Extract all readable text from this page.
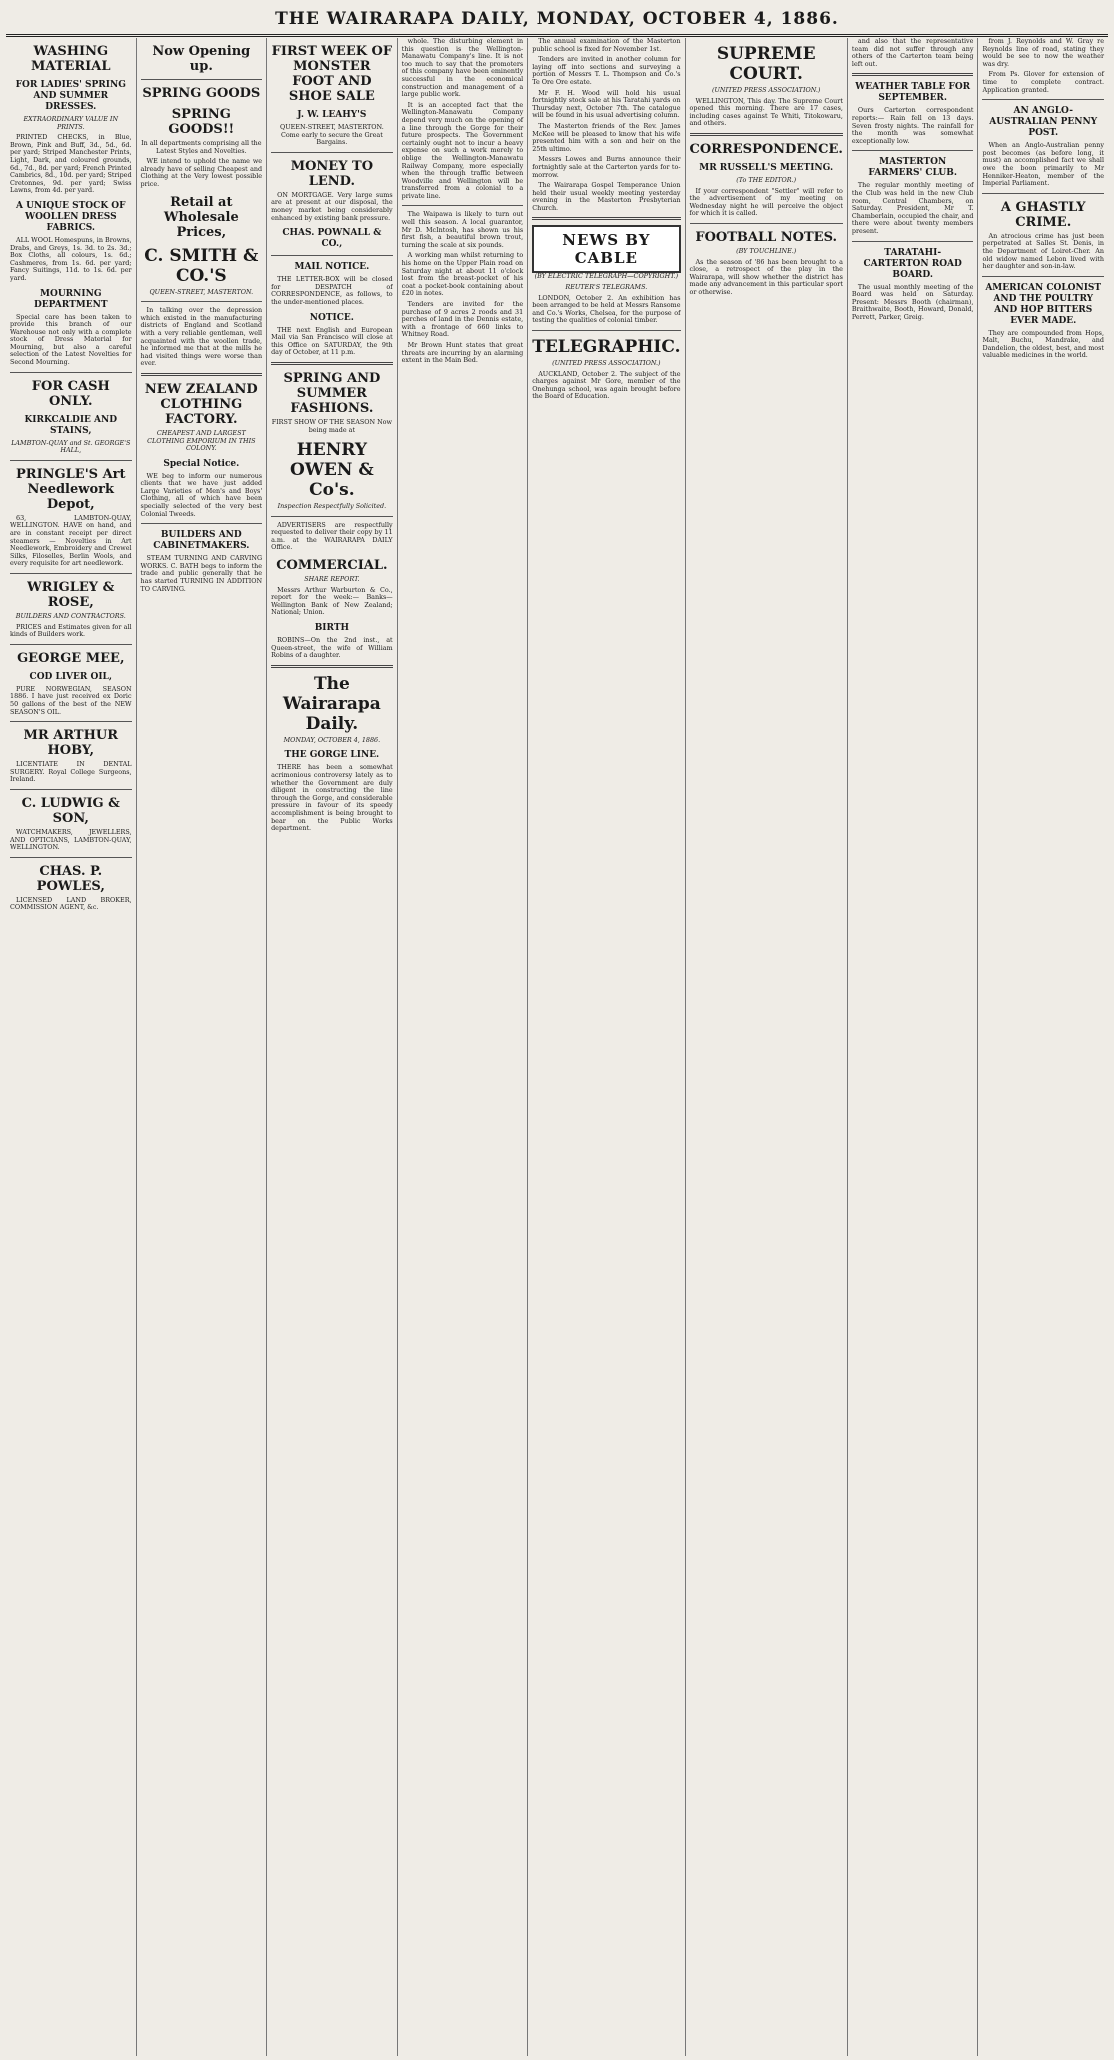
THE WAIRARAPA DAILY, MONDAY, OCTOBER 4, 1886.
WASHING MATERIAL
FOR LADIES' SPRING AND SUMMER DRESSES.
EXTRAORDINARY VALUE IN PRINTS.

PRINTED CHECKS, in Blue, Brown, Pink and Buff, 3d., 5d., 6d. per yard; Striped Manchester Prints, Light, Dark, and coloured grounds, 6d., 7d., 8d. per yard; French Printed Cambrics, 8d., 10d. per yard; Striped Cretonnes, 9d. per yard; Swiss Lawns, from 4d. per yard.

A UNIQUE STOCK OF WOOLLEN DRESS FABRICS.

ALL WOOL Homespuns, in Browns, Drabs, and Greys, 1s. 3d. to 2s. 3d.; Box Cloths, all colours, 1s. 6d.; Cashmeres, from 1s. 6d. per yard; Fancy Suitings, 11d. to 1s. 6d. per yard.

MOURNING DEPARTMENT

Special care has been taken to provide this branch of our Warehouse not only with a complete stock of Dress Material for Mourning, but also a careful selection of the Latest Novelties for Second Mourning.

FOR CASH ONLY.
KIRKCALDIE AND STAINS,
LAMBTON-QUAY and St. GEORGE'S HALL,
PRINGLE'S Art Needlework Depot,

63, LAMBTON-QUAY, WELLINGTON. HAVE on hand, and are in constant receipt per direct steamers — Novelties in Art Needlework, Embroidery and Crewel Silks, Filoselles, Berlin Wools, and every requisite for art needlework.

WRIGLEY & ROSE,
BUILDERS AND CONTRACTORS.

PRICES and Estimates given for all kinds of Builders work.

GEORGE MEE,
COD LIVER OIL,

PURE NORWEGIAN, SEASON 1886. I have just received ex Doric 50 gallons of the best of the NEW SEASON'S OIL.

MR ARTHUR HOBY,

LICENTIATE IN DENTAL SURGERY. Royal College Surgeons, Ireland.

C. LUDWIG & SON,

WATCHMAKERS, JEWELLERS, AND OPTICIANS, LAMBTON-QUAY, WELLINGTON.

CHAS. P. POWLES,

LICENSED LAND BROKER, COMMISSION AGENT, &c.

Now Opening up.
SPRING GOODS
SPRING GOODS!!

In all departments comprising all the Latest Styles and Novelties.

WE intend to uphold the name we already have of selling Cheapest and Clothing at the Very lowest possible price.

Retail at Wholesale Prices,
C. SMITH & CO.'S
QUEEN-STREET, MASTERTON.

In talking over the depression which existed in the manufacturing districts of England and Scotland with a very reliable gentleman, well acquainted with the woollen trade, he informed me that at the mills he had visited things were worse than ever.

NEW ZEALAND CLOTHING FACTORY.
CHEAPEST AND LARGEST CLOTHING EMPORIUM IN THIS COLONY.
Special Notice.

WE beg to inform our numerous clients that we have just added Large Varieties of Men's and Boys' Clothing, all of which have been specially selected of the very best Colonial Tweeds.

BUILDERS AND CABINETMAKERS.

STEAM TURNING AND CARVING WORKS. C. BATH begs to inform the trade and public generally that he has started TURNING IN ADDITION TO CARVING.

FIRST WEEK OF MONSTER FOOT AND SHOE SALE
J. W. LEAHY'S

QUEEN-STREET, MASTERTON. Come early to secure the Great Bargains.

MONEY TO LEND.

ON MORTGAGE. Very large sums are at present at our disposal, the money market being considerably enhanced by existing bank pressure.

CHAS. POWNALL & CO.,
MAIL NOTICE.

THE LETTER-BOX will be closed for DESPATCH of CORRESPONDENCE, as follows, to the under-mentioned places.

NOTICE.

THE next English and European Mail via San Francisco will close at this Office on SATURDAY, the 9th day of October, at 11 p.m.

SPRING AND SUMMER FASHIONS.

FIRST SHOW OF THE SEASON Now being made at

HENRY OWEN & Co's.
Inspection Respectfully Solicited.

ADVERTISERS are respectfully requested to deliver their copy by 11 a.m. at the WAIRARAPA DAILY Office.

COMMERCIAL.
SHARE REPORT.

Messrs Arthur Warburton & Co., report for the week:— Banks—Wellington Bank of New Zealand; National; Union.

BIRTH

ROBINS—On the 2nd inst., at Queen-street, the wife of William Robins of a daughter.

The Wairarapa Daily.
MONDAY, OCTOBER 4, 1886.
THE GORGE LINE.

THERE has been a somewhat acrimonious controversy lately as to whether the Government are duly diligent in constructing the line through the Gorge, and considerable pressure in favour of its speedy accomplishment is being brought to bear on the Public Works department.

whole. The disturbing element in this question is the Wellington-Manawatu Company's line. It is not too much to say that the promoters of this company have been eminently successful in the economical construction and management of a large public work.

It is an accepted fact that the Wellington-Manawatu Company depend very much on the opening of a line through the Gorge for their future prospects. The Government certainly ought not to incur a heavy expense on such a work merely to oblige the Wellington-Manawatu Railway Company, more especially when the through traffic between Woodville and Wellington will be transferred from a colonial to a private line.

The Waipawa is likely to turn out well this season. A local guarantor, Mr D. McIntosh, has shown us his first fish, a beautiful brown trout, turning the scale at six pounds.

A working man whilst returning to his home on the Upper Plain road on Saturday night at about 11 o'clock lost from the breast-pocket of his coat a pocket-book containing about £20 in notes.

Tenders are invited for the purchase of 9 acres 2 roods and 31 perches of land in the Dennis estate, with a frontage of 660 links to Whitney Road.

Mr Brown Hunt states that great threats are incurring by an alarming extent in the Main Bed.

The annual examination of the Masterton public school is fixed for November 1st.

Tenders are invited in another column for laying off into sections and surveying a portion of Messrs T. L. Thompson and Co.'s Te Ore Ore estate.

Mr F. H. Wood will hold his usual fortnightly stock sale at his Taratahi yards on Thursday next, October 7th. The catalogue will be found in his usual advertising column.

The Masterton friends of the Rev. James McKee will be pleased to know that his wife presented him with a son and heir on the 25th ultimo.

Messrs Lowes and Burns announce their fortnightly sale at the Carterton yards for to-morrow.

The Wairarapa Gospel Temperance Union held their usual weekly meeting yesterday evening in the Masterton Presbyterian Church.

NEWS BY CABLE
(BY ELECTRIC TELEGRAPH—COPYRIGHT.)
REUTER'S TELEGRAMS.

LONDON, October 2. An exhibition has been arranged to be held at Messrs Ransome and Co.'s Works, Chelsea, for the purpose of testing the qualities of colonial timber.

TELEGRAPHIC.
(UNITED PRESS ASSOCIATION.)

AUCKLAND, October 2. The subject of the charges against Mr Gore, member of the Onehunga school, was again brought before the Board of Education.

SUPREME COURT.
(UNITED PRESS ASSOCIATION.)

WELLINGTON, This day. The Supreme Court opened this morning. There are 17 cases, including cases against Te Whiti, Titokowaru, and others.

CORRESPONDENCE.
MR RUSSELL'S MEETING.
(To THE EDITOR.)

If your correspondent "Settler" will refer to the advertisement of my meeting on Wednesday night he will perceive the object for which it is called.

FOOTBALL NOTES.
(BY TOUCHLINE.)

As the season of '86 has been brought to a close, a retrospect of the play in the Wairarapa, will show whether the district has made any advancement in this particular sport or otherwise.

and also that the representative team did not suffer through any others of the Carterton team being left out.

WEATHER TABLE FOR SEPTEMBER.

Ours Carterton correspondent reports:— Rain fell on 13 days. Seven frosty nights. The rainfall for the month was somewhat exceptionally low.

MASTERTON FARMERS' CLUB.

The regular monthly meeting of the Club was held in the new Club room, Central Chambers, on Saturday. President, Mr T. Chamberlain, occupied the chair, and there were about twenty members present.

TARATAHI-CARTERTON ROAD BOARD.

The usual monthly meeting of the Board was held on Saturday. Present: Messrs Booth (chairman), Braithwaite, Booth, Howard, Donald, Perrett, Parker, Greig.

from J. Reynolds and W. Gray re Reynolds line of road, stating they would be see to now the weather was dry.

From Ps. Glover for extension of time to complete contract. Application granted.

AN ANGLO-AUSTRALIAN PENNY POST.

When an Anglo-Australian penny post becomes (as before long, it must) an accomplished fact we shall owe the boon primarily to Mr Henniker-Heaton, member of the Imperial Parliament.

A GHASTLY CRIME.

An atrocious crime has just been perpetrated at Salles St. Denis, in the Department of Loiret-Cher. An old widow named Lebon lived with her daughter and son-in-law.

AMERICAN COLONIST AND THE POULTRY AND HOP BITTERS EVER MADE.

They are compounded from Hops, Malt, Buchu, Mandrake, and Dandelion, the oldest, best, and most valuable medicines in the world.
